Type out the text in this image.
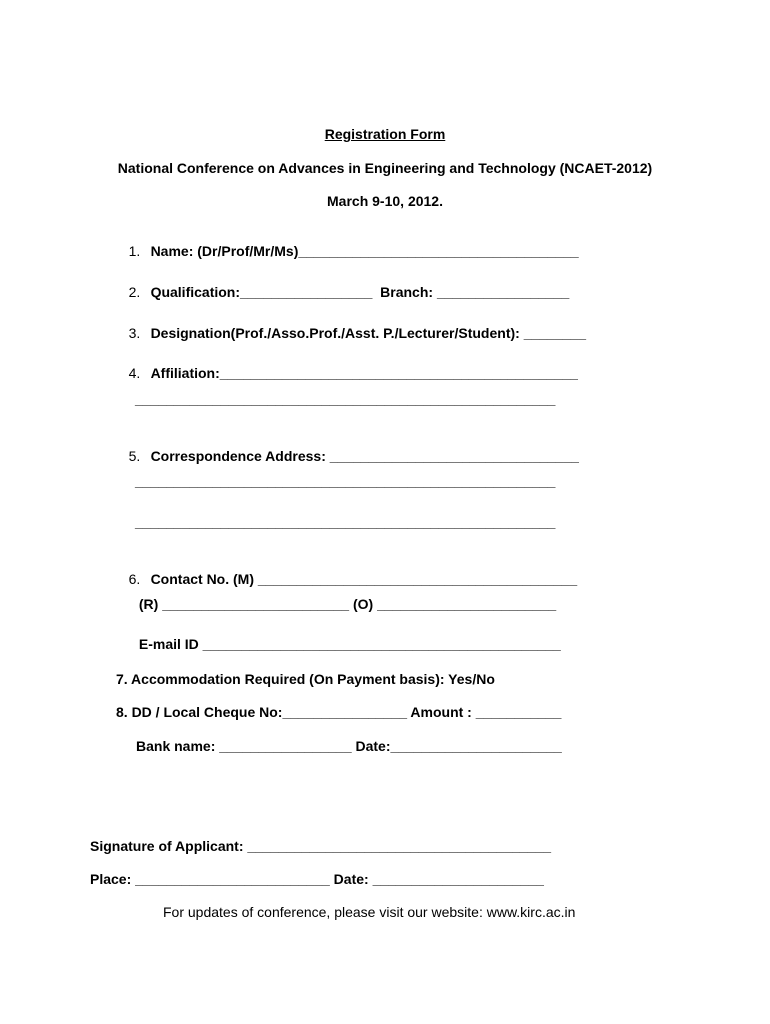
Registration Form
National Conference on Advances in Engineering and Technology (NCAET-2012)
March 9-10, 2012.

1. Name: (Dr/Prof/Mr/Ms)____________________________________

2. Qualification:_________________  Branch: _________________

3. Designation(Prof./Asso.Prof./Asst. P./Lecturer/Student): ________

4. Affiliation:______________________________________________

______________________________________________________

5. Correspondence Address: ________________________________

______________________________________________________
______________________________________________________

6. Contact No. (M) _________________________________________

(R) ________________________ (O) _______________________
E-mail ID ______________________________________________
7. Accommodation Required (On Payment basis): Yes/No
8. DD / Local Cheque No:________________ Amount : ___________
Bank name: _________________ Date:______________________
Signature of Applicant: _______________________________________
Place: _________________________ Date: ______________________
For updates of conference, please visit our website: www.kirc.ac.in
